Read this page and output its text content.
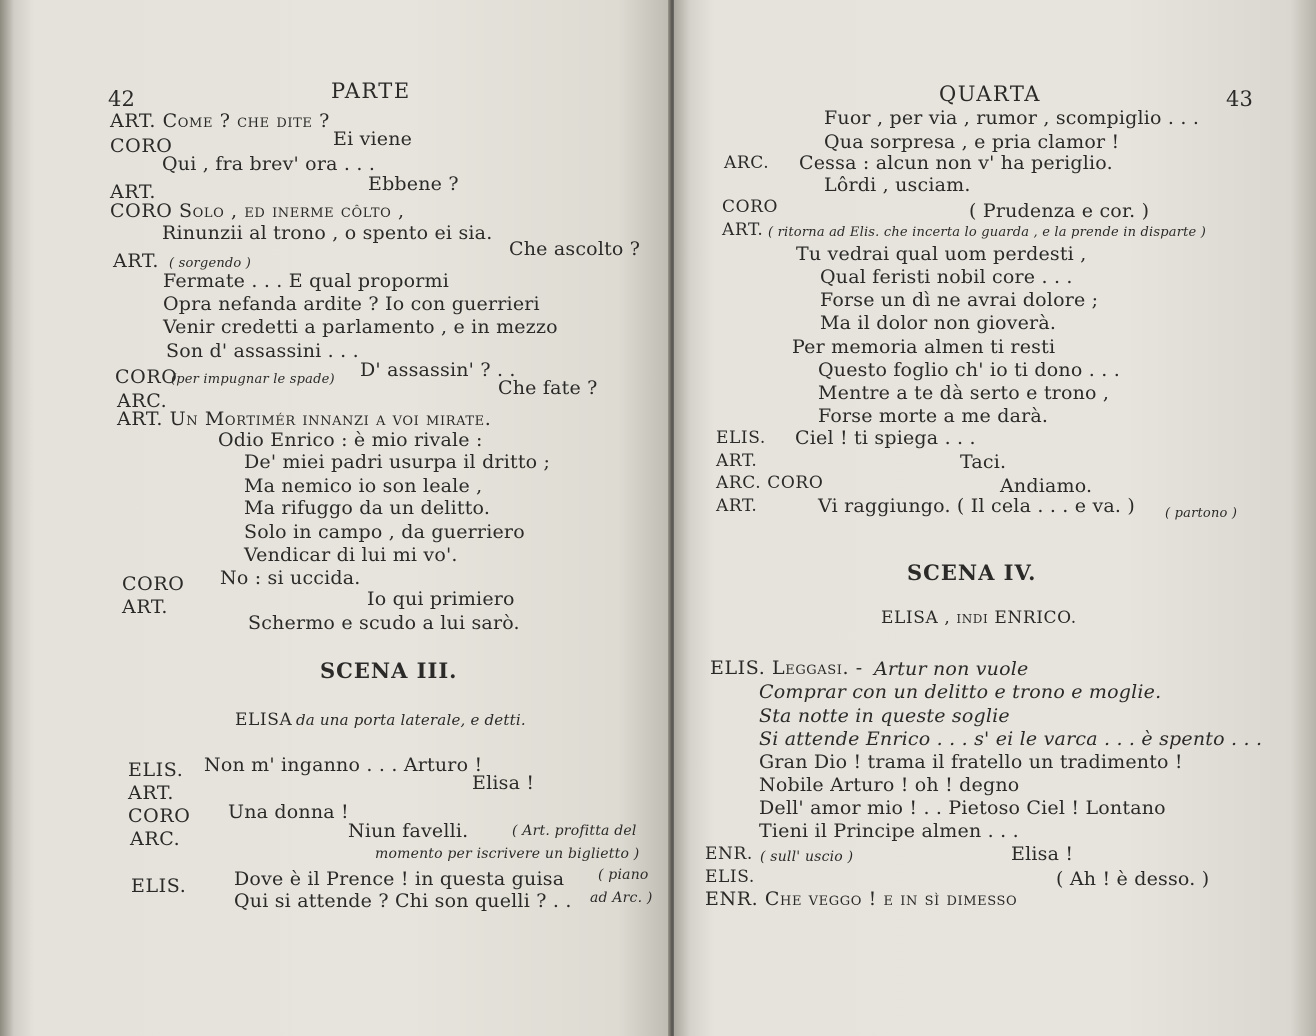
42	PARTE
ART. Come ? che dite ?
CORO	Ei viene
Qui , fra brev' ora . . .
ART.	Ebbene ?
CORO Solo , ed inerme côlto ,
Rinunzii al trono , o spento ei sia.
ART. ( sorgendo )
Che ascolto ?
Fermate . . . E qual propormi
Opra nefanda ardite ? Io con guerrieri
Venir credetti a parlamento , e in mezzo
Son d' assassini . . .
CORO
(per impugnar le spade) D' assassin' ? . .
ARC.
Che fate ?
ART. Un Mortimér innanzi a voi mirate.
Odio Enrico : è mio rivale :
De' miei padri usurpa il dritto ;
Ma nemico io son leale ,
Ma rifuggo da un delitto.
Solo in campo , da guerriero
Vendicar di lui mi vo'.
CORO No : si uccida.
ART.	Io qui primiero
Schermo e scudo a lui sarò.
SCENA III.
ELISA da una porta laterale, e detti.
ELIS. Non m' inganno . . . Arturo !
ART.	Elisa !
CORO Una donna !
ARC.	Niun favelli.	( Art. profitta del
momento per iscrivere un biglietto )
ELIS.	Dove è il Prence ! in questa guisa ( piano
Qui si attende ? Chi son quelli ? . . ad Arc. )
QUARTA	43
Fuor , per via , rumor , scompiglio . . .
Qua sorpresa , e pria clamor !
ARC. Cessa : alcun non v' ha periglio.
Lôrdi , usciam.
CORO	( Prudenza e cor. )
ART. ( ritorna ad Elis. che incerta lo guarda , e la prende in disparte )
Tu vedrai qual uom perdesti ,
Qual feristi nobil core . . .
Forse un dì ne avrai dolore ;
Ma il dolor non gioverà.
Per memoria almen ti resti
Questo foglio ch' io ti dono . . .
Mentre a te dà serto e trono ,
Forse morte a me darà.
ELIS. Ciel ! ti spiega . . .
ART.	Taci.
ARC. CORO	Andiamo.
ART.	Vi raggiungo. ( Il cela . . . e va. ) ( partono )
SCENA IV.
ELISA , indi ENRICO.
ELIS. Leggasi. - Artur non vuole
Comprar con un delitto e trono e moglie.
Sta notte in queste soglie
Si attende Enrico . . . s' ei le varca . . . è spento . . .
Gran Dio ! trama il fratello un tradimento !
Nobile Arturo ! oh ! degno
Dell' amor mio ! . . Pietoso Ciel ! Lontano
Tieni il Principe almen . . .
ENR. ( sull' uscio )	Elisa !
ELIS.	( Ah ! è desso. )
ENR. Che veggo ! e in sì dimesso
